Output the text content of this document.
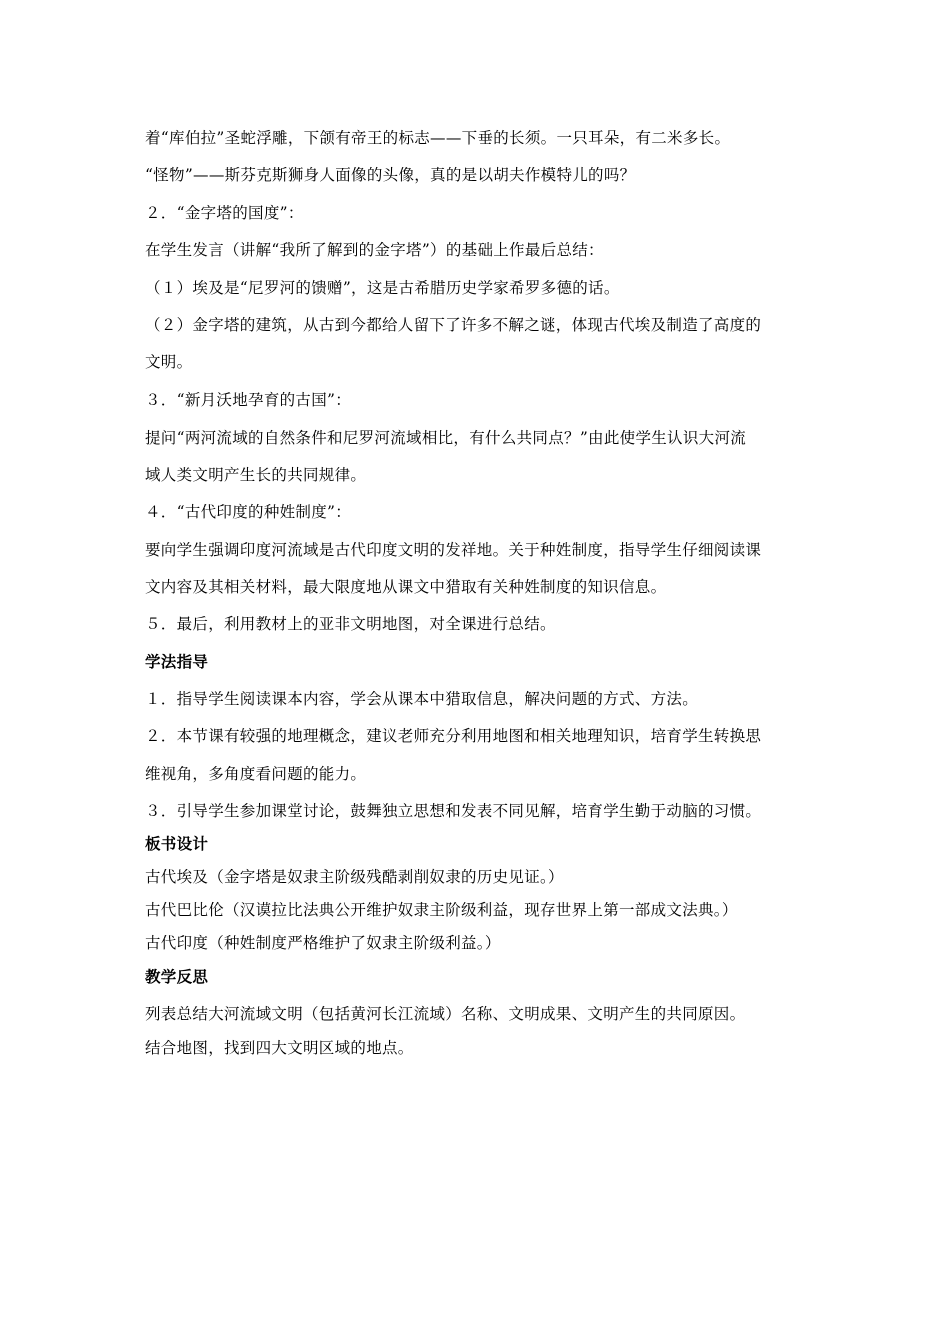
着“库伯拉”圣蛇浮雕，下颌有帝王的标志——下垂的长须。一只耳朵，有二米多长。
“怪物”——斯芬克斯狮身人面像的头像，真的是以胡夫作模特儿的吗？
２．“金字塔的国度”：
在学生发言（讲解“我所了解到的金字塔”）的基础上作最后总结：
（１）埃及是“尼罗河的馈赠”，这是古希腊历史学家希罗多德的话。
（２）金字塔的建筑，从古到今都给人留下了许多不解之谜，体现古代埃及制造了高度的
文明。
３．“新月沃地孕育的古国”：
提问“两河流域的自然条件和尼罗河流域相比，有什么共同点？”由此使学生认识大河流
域人类文明产生长的共同规律。
４．“古代印度的种姓制度”：
要向学生强调印度河流域是古代印度文明的发祥地。关于种姓制度，指导学生仔细阅读课
文内容及其相关材料，最大限度地从课文中猎取有关种姓制度的知识信息。
５．最后，利用教材上的亚非文明地图，对全课进行总结。
学法指导
１．指导学生阅读课本内容，学会从课本中猎取信息，解决问题的方式、方法。
２．本节课有较强的地理概念，建议老师充分利用地图和相关地理知识，培育学生转换思
维视角，多角度看问题的能力。
３．引导学生参加课堂讨论，鼓舞独立思想和发表不同见解，培育学生勤于动脑的习惯。
板书设计
古代埃及（金字塔是奴隶主阶级残酷剥削奴隶的历史见证。）
古代巴比伦（汉谟拉比法典公开维护奴隶主阶级利益，现存世界上第一部成文法典。）
古代印度（种姓制度严格维护了奴隶主阶级利益。）
教学反思
列表总结大河流域文明（包括黄河长江流域）名称、文明成果、文明产生的共同原因。
结合地图，找到四大文明区域的地点。
